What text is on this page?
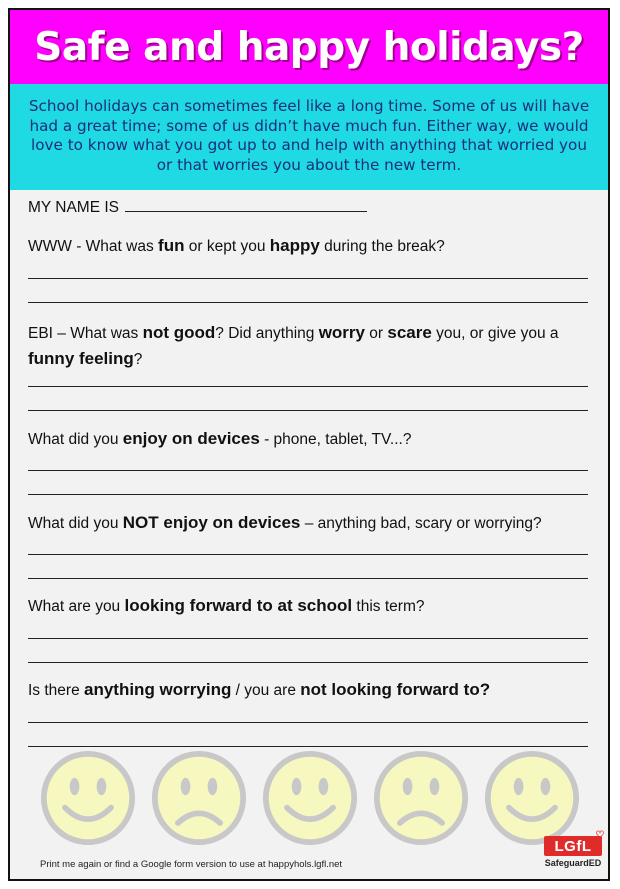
Safe and happy holidays?

School holidays can sometimes feel like a long time. Some of us will have had a great time; some of us didn’t have much fun. Either way, we would love to know what you got up to and help with anything that worried you or that worries you about the new term.

MY NAME IS
WWW - What was fun or kept you happy during the break?
EBI – What was not good? Did anything worry or scare you, or give you a funny feeling?
What did you enjoy on devices - phone, tablet, TV...?
What did you NOT enjoy on devices – anything bad, scary or worrying?
What are you looking forward to at school this term?
Is there anything worrying / you are not looking forward to?
Print me again or find a Google form version to use at happyhols.lgfl.net
LGfL
♡
SafeguardED
